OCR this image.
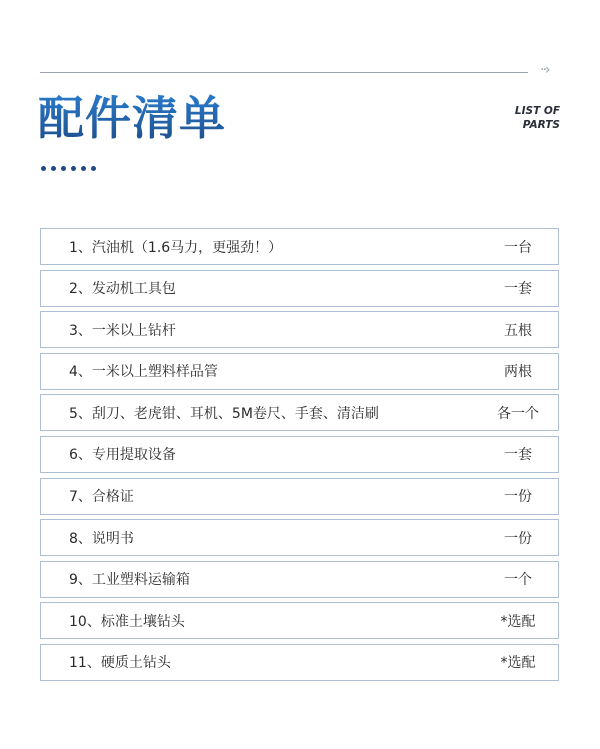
··›
配件清单	LIST OF
PARTS
1、汽油机（1.6马力，更强劲！）	一台
2、发动机工具包	一套
3、一米以上钻杆	五根
4、一米以上塑料样品管	两根
5、刮刀、老虎钳、耳机、5M卷尺、手套、清洁刷	各一个
6、专用提取设备	一套
7、合格证	一份
8、说明书	一份
9、工业塑料运输箱	一个
10、标准土壤钻头	*选配
11、硬质土钻头	*选配
